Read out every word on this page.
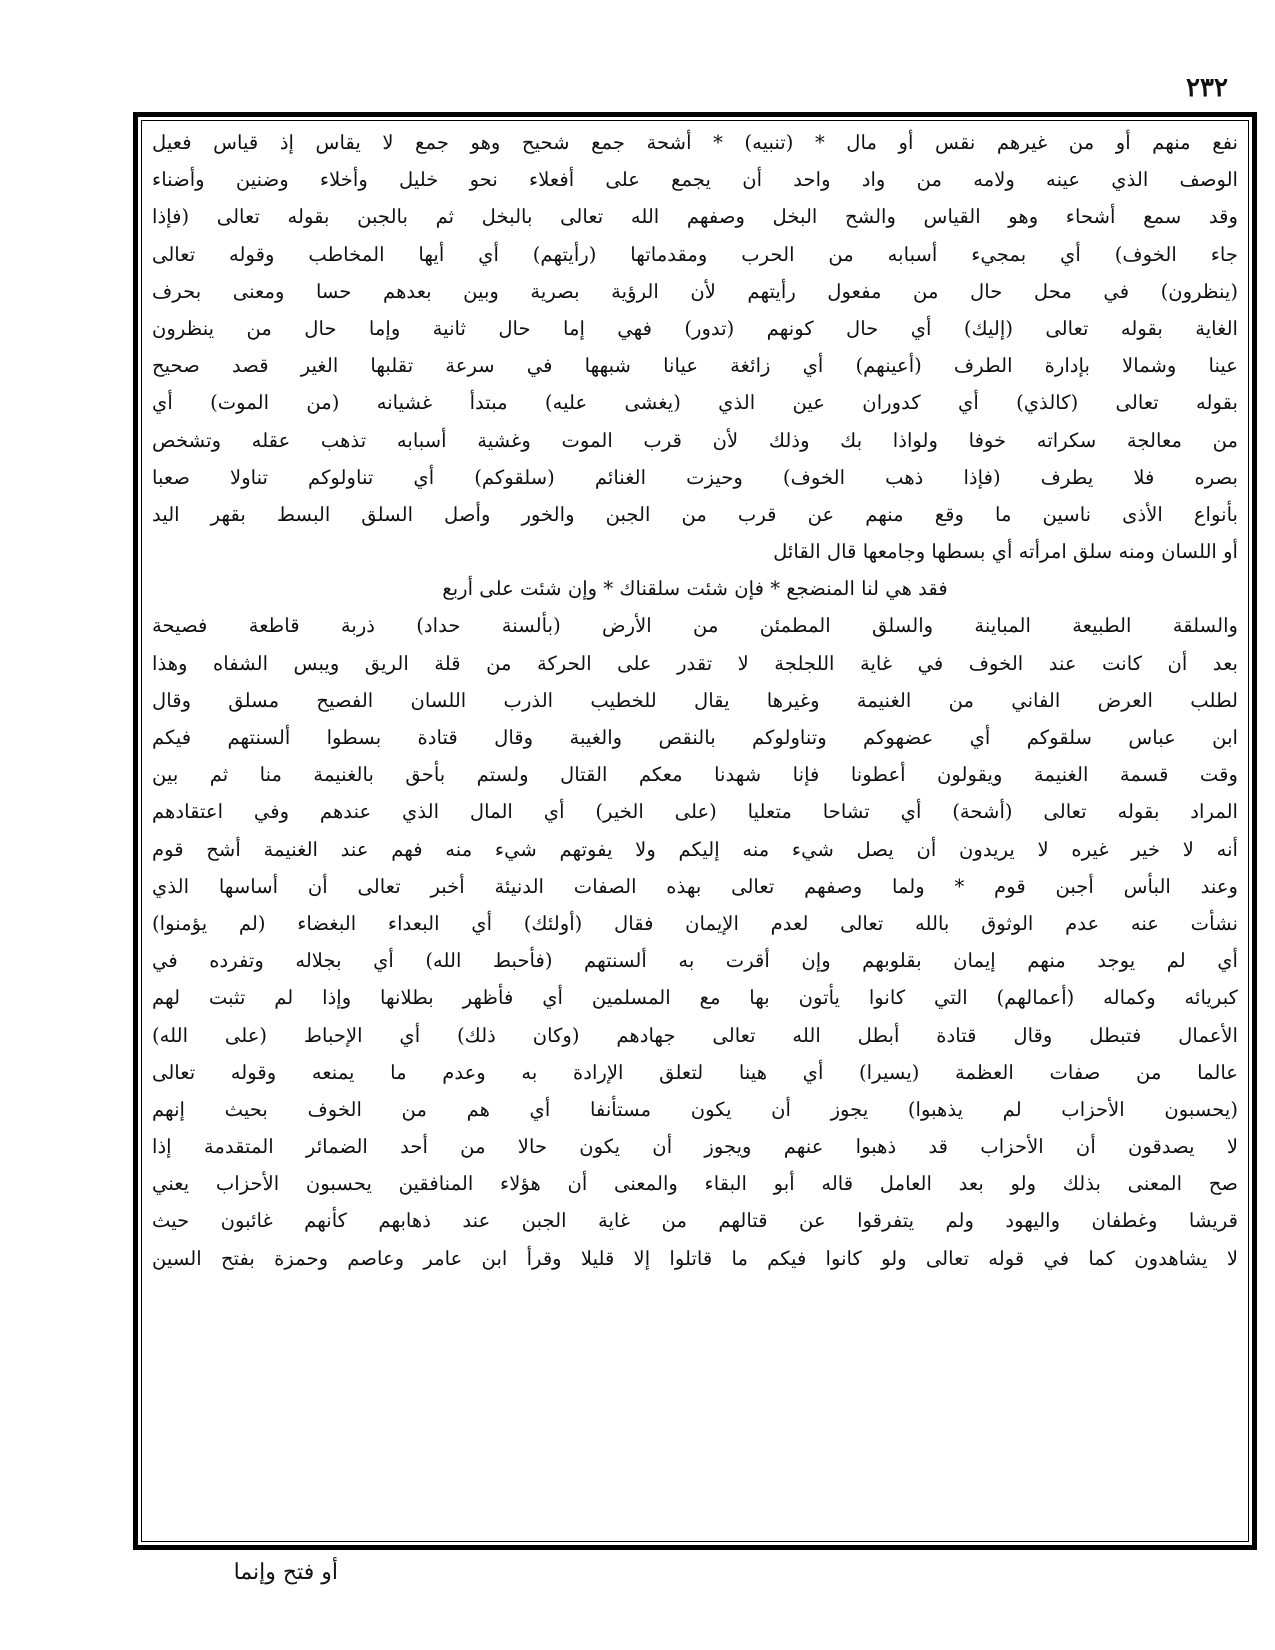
٢٣٢
نفع منهم أو من غيرهم نقس أو مال * (تنبيه) * أشحة جمع شحيح وهو جمع لا يقاس إذ قياس فعيل
الوصف الذي عينه ولامه من واد واحد أن يجمع على أفعلاء نحو خليل وأخلاء وضنين وأضناء
وقد سمع أشحاء وهو القياس والشح البخل وصفهم الله تعالى بالبخل ثم بالجبن بقوله تعالى (فإذا
جاء الخوف) أي بمجيء أسبابه من الحرب ومقدماتها (رأيتهم) أي أيها المخاطب وقوله تعالى
(ينظرون) في محل حال من مفعول رأيتهم لأن الرؤية بصرية وبين بعدهم حسا ومعنى بحرف
الغاية بقوله تعالى (إليك) أي حال كونهم (تدور) فهي إما حال ثانية وإما حال من ينظرون
عينا وشمالا بإدارة الطرف (أعينهم) أي زائغة عيانا شبهها في سرعة تقلبها الغير قصد صحيح
بقوله تعالى (كالذي) أي كدوران عين الذي (يغشى عليه) مبتدأ غشيانه (من الموت) أي
من معالجة سكراته خوفا ولواذا بك وذلك لأن قرب الموت وغشية أسبابه تذهب عقله وتشخص
بصره فلا يطرف (فإذا ذهب الخوف) وحيزت الغنائم (سلقوكم) أي تناولوكم تناولا صعبا
بأنواع الأذى ناسين ما وقع منهم عن قرب من الجبن والخور وأصل السلق البسط بقهر اليد
أو اللسان ومنه سلق امرأته أي بسطها وجامعها قال القائل
فقد هي لنا المنضجع * فإن شئت سلقناك * وإن شئت على أربع
والسلقة الطبيعة المباينة والسلق المطمئن من الأرض (بألسنة حداد) ذربة قاطعة فصيحة
بعد أن كانت عند الخوف في غاية اللجلجة لا تقدر على الحركة من قلة الريق ويبس الشفاه وهذا
لطلب العرض الفاني من الغنيمة وغيرها يقال للخطيب الذرب اللسان الفصيح مسلق وقال
ابن عباس سلقوكم أي عضهوكم وتناولوكم بالنقص والغيبة وقال قتادة بسطوا ألسنتهم فيكم
وقت قسمة الغنيمة ويقولون أعطونا فإنا شهدنا معكم القتال ولستم بأحق بالغنيمة منا ثم بين
المراد بقوله تعالى (أشحة) أي تشاحا متعليا (على الخير) أي المال الذي عندهم وفي اعتقادهم
أنه لا خير غيره لا يريدون أن يصل شيء منه إليكم ولا يفوتهم شيء منه فهم عند الغنيمة أشح قوم
وعند البأس أجبن قوم * ولما وصفهم تعالى بهذه الصفات الدنيئة أخبر تعالى أن أساسها الذي
نشأت عنه عدم الوثوق بالله تعالى لعدم الإيمان فقال (أولئك) أي البعداء البغضاء (لم يؤمنوا)
أي لم يوجد منهم إيمان بقلوبهم وإن أقرت به ألسنتهم (فأحبط الله) أي بجلاله وتفرده في
كبريائه وكماله (أعمالهم) التي كانوا يأتون بها مع المسلمين أي فأظهر بطلانها وإذا لم تثبت لهم
الأعمال فتبطل وقال قتادة أبطل الله تعالى جهادهم (وكان ذلك) أي الإحباط (على الله)
عالما من صفات العظمة (يسيرا) أي هينا لتعلق الإرادة به وعدم ما يمنعه وقوله تعالى
(يحسبون الأحزاب لم يذهبوا) يجوز أن يكون مستأنفا أي هم من الخوف بحيث إنهم
لا يصدقون أن الأحزاب قد ذهبوا عنهم ويجوز أن يكون حالا من أحد الضمائر المتقدمة إذا
صح المعنى بذلك ولو بعد العامل قاله أبو البقاء والمعنى أن هؤلاء المنافقين يحسبون الأحزاب يعني
قريشا وغطفان واليهود ولم يتفرقوا عن قتالهم من غاية الجبن عند ذهابهم كأنهم غائبون حيث
لا يشاهدون كما في قوله تعالى ولو كانوا فيكم ما قاتلوا إلا قليلا وقرأ ابن عامر وعاصم وحمزة بفتح السين
أو فتح وإنما
